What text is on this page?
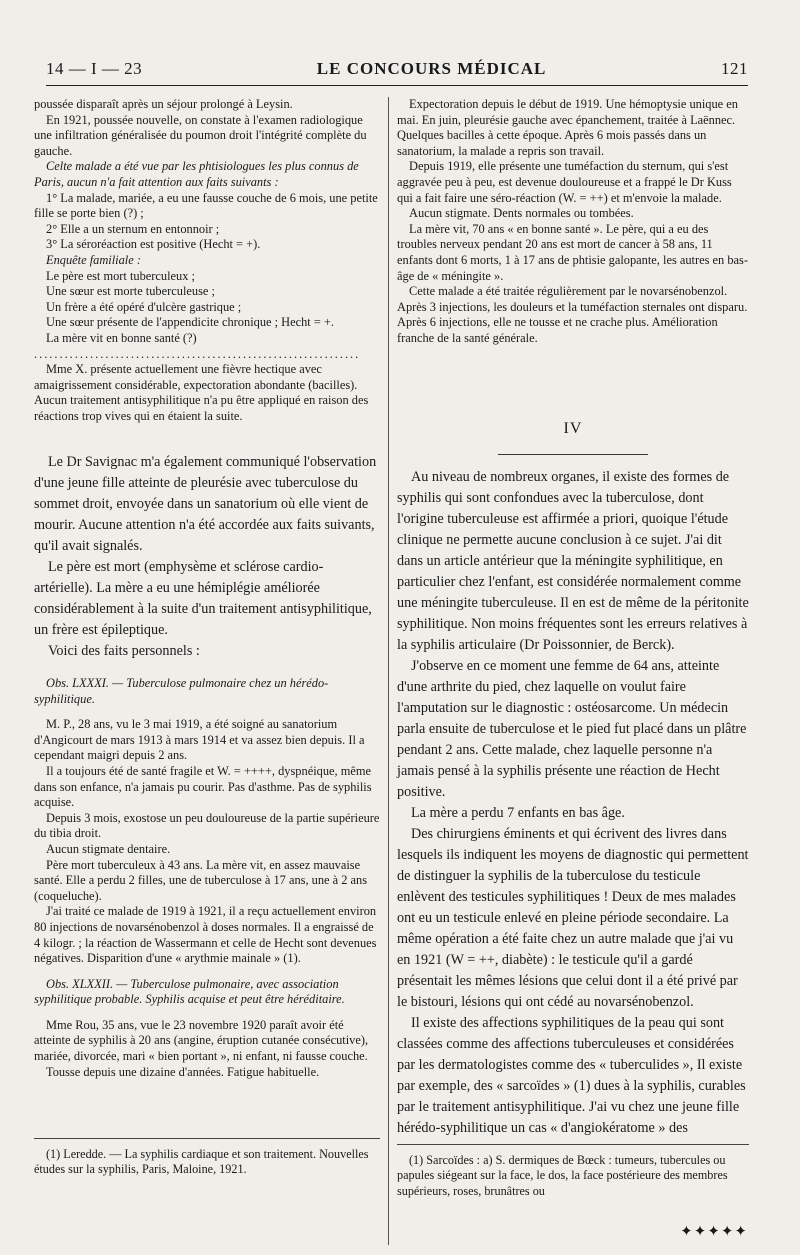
14 — I — 23	LE CONCOURS MÉDICAL	121

poussée disparaît après un séjour prolongé à Leysin.

En 1921, poussée nouvelle, on constate à l'examen radiologique une infiltration généralisée du poumon droit l'intégrité complète du gauche.

Celte malade a été vue par les phtisiologues les plus connus de Paris, aucun n'a fait attention aux faits suivants :

1° La malade, mariée, a eu une fausse couche de 6 mois, une petite fille se porte bien (?) ;

2° Elle a un sternum en entonnoir ;

3° La séroréaction est positive (Hecht = +).

Enquête familiale :

Le père est mort tuberculeux ;

Une sœur est morte tuberculeuse ;

Un frère a été opéré d'ulcère gastrique ;

Une sœur présente de l'appendicite chronique ; Hecht = +.

La mère vit en bonne santé (?)

................................................................

Mme X. présente actuellement une fièvre hectique avec amaigrissement considérable, expectoration abondante (bacilles). Aucun traitement antisyphilitique n'a pu être appliqué en raison des réactions trop vives qui en étaient la suite.

Le Dr Savignac m'a également communiqué l'observation d'une jeune fille atteinte de pleurésie avec tuberculose du sommet droit, envoyée dans un sanatorium où elle vient de mourir. Aucune attention n'a été accordée aux faits suivants, qu'il avait signalés.

Le père est mort (emphysème et sclérose cardio-artérielle). La mère a eu une hémiplégie améliorée considérablement à la suite d'un traitement antisyphilitique, un frère est épileptique.

Voici des faits personnels :

Obs. LXXXI. — Tuberculose pulmonaire chez un hérédo-syphilitique.

M. P., 28 ans, vu le 3 mai 1919, a été soigné au sanatorium d'Angicourt de mars 1913 à mars 1914 et va assez bien depuis. Il a cependant maigri depuis 2 ans.

Il a toujours été de santé fragile et W. = ++++, dyspnéique, même dans son enfance, n'a jamais pu courir. Pas d'asthme. Pas de syphilis acquise.

Depuis 3 mois, exostose un peu douloureuse de la partie supérieure du tibia droit.

Aucun stigmate dentaire.

Père mort tuberculeux à 43 ans. La mère vit, en assez mauvaise santé. Elle a perdu 2 filles, une de tuberculose à 17 ans, une à 2 ans (coqueluche).

J'ai traité ce malade de 1919 à 1921, il a reçu actuellement environ 80 injections de novarsénobenzol à doses normales. Il a engraissé de 4 kilogr. ; la réaction de Wassermann et celle de Hecht sont devenues négatives. Disparition d'une « arythmie mainale » (1).

Obs. XLXXII. — Tuberculose pulmonaire, avec association syphilitique probable. Syphilis acquise et peut être héréditaire.

Mme Rou, 35 ans, vue le 23 novembre 1920 paraît avoir été atteinte de syphilis à 20 ans (angine, éruption cutanée consécutive), mariée, divorcée, mari « bien portant », ni enfant, ni fausse couche.

Tousse depuis une dizaine d'années. Fatigue habituelle.

(1) Leredde. — La syphilis cardiaque et son traitement. Nouvelles études sur la syphilis, Paris, Maloine, 1921.

Expectoration depuis le début de 1919. Une hémoptysie unique en mai. En juin, pleurésie gauche avec épanchement, traitée à Laënnec. Quelques bacilles à cette époque. Après 6 mois passés dans un sanatorium, la malade a repris son travail.

Depuis 1919, elle présente une tuméfaction du sternum, qui s'est aggravée peu à peu, est devenue douloureuse et a frappé le Dr Kuss qui a fait faire une séro-réaction (W. = ++) et m'envoie la malade.

Aucun stigmate. Dents normales ou tombées.

La mère vit, 70 ans « en bonne santé ». Le père, qui a eu des troubles nerveux pendant 20 ans est mort de cancer à 58 ans, 11 enfants dont 6 morts, 1 à 17 ans de phtisie galopante, les autres en bas-âge de « méningite ».

Cette malade a été traitée régulièrement par le novarsénobenzol. Après 3 injections, les douleurs et la tuméfaction sternales ont disparu. Après 6 injections, elle ne tousse et ne crache plus. Amélioration franche de la santé générale.

IV

Au niveau de nombreux organes, il existe des formes de syphilis qui sont confondues avec la tuberculose, dont l'origine tuberculeuse est affirmée a priori, quoique l'étude clinique ne permette aucune conclusion à ce sujet. J'ai dit dans un article antérieur que la méningite syphilitique, en particulier chez l'enfant, est considérée normalement comme une méningite tuberculeuse. Il en est de même de la péritonite syphilitique. Non moins fréquentes sont les erreurs relatives à la syphilis articulaire (Dr Poissonnier, de Berck).

J'observe en ce moment une femme de 64 ans, atteinte d'une arthrite du pied, chez laquelle on voulut faire l'amputation sur le diagnostic : ostéosarcome. Un médecin parla ensuite de tuberculose et le pied fut placé dans un plâtre pendant 2 ans. Cette malade, chez laquelle personne n'a jamais pensé à la syphilis présente une réaction de Hecht positive.

La mère a perdu 7 enfants en bas âge.

Des chirurgiens éminents et qui écrivent des livres dans lesquels ils indiquent les moyens de diagnostic qui permettent de distinguer la syphilis de la tuberculose du testicule enlèvent des testicules syphilitiques ! Deux de mes malades ont eu un testicule enlevé en pleine période secondaire. La même opération a été faite chez un autre malade que j'ai vu en 1921 (W = ++, diabète) : le testicule qu'il a gardé présentait les mêmes lésions que celui dont il a été privé par le bistouri, lésions qui ont cédé au novarsénobenzol.

Il existe des affections syphilitiques de la peau qui sont classées comme des affections tuberculeuses et considérées par les dermatologistes comme des « tuberculides », Il existe par exemple, des « sarcoïdes » (1) dues à la syphilis, curables par le traitement antisyphilitique. J'ai vu chez une jeune fille hérédo-syphilitique un cas « d'angiokératome » des

(1) Sarcoïdes : a) S. dermiques de Bœck : tumeurs, tubercules ou papules siégeant sur la face, le dos, la face postérieure des membres supérieurs, roses, brunâtres ou

✦✦✦✦✦
